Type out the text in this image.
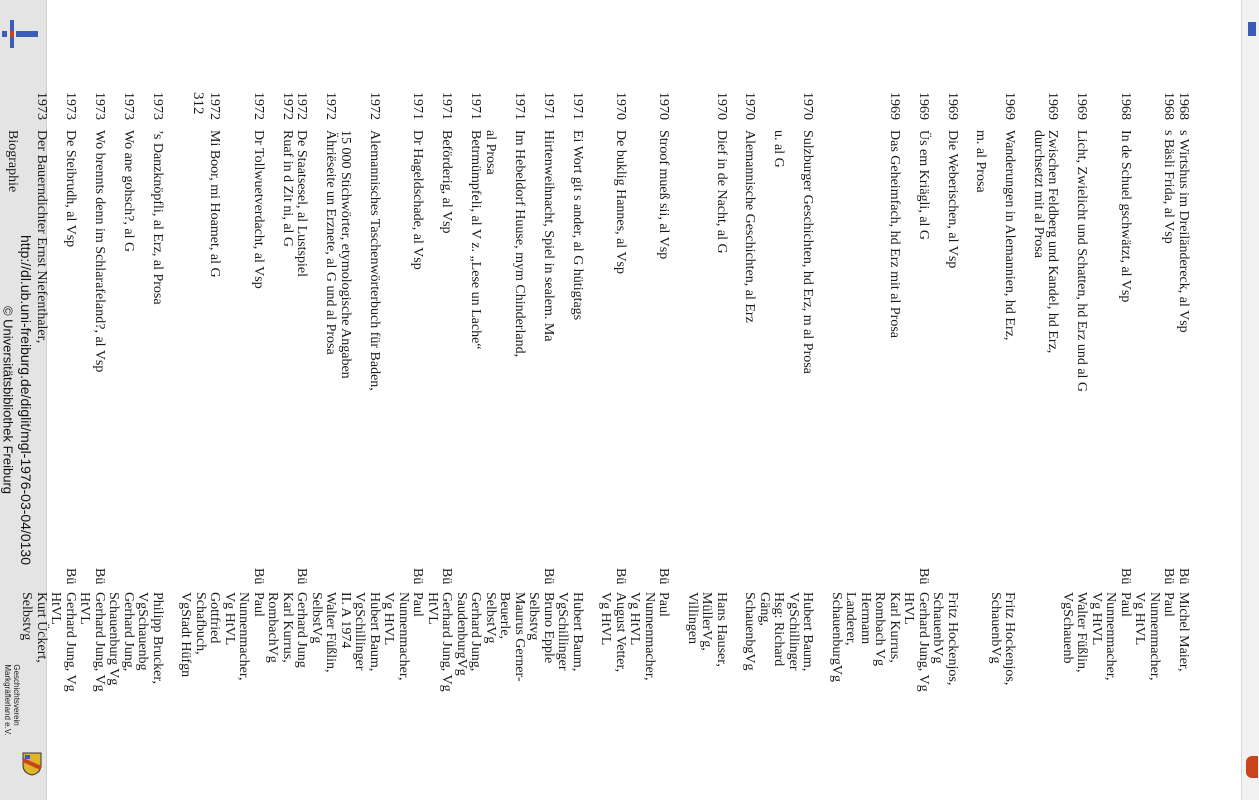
http://dl.ub.uni-freiburg.de/diglit/mgl-1976-03-04/0130
© Universitätsbibliothek Freiburg
Geschichtsverein
Markgräflerland e.V.
1968
s Wirtshus im Dreiländereck, al Vsp
Bü
Michel Maier,
1968
s Bäsli Frida, al Vsp
Bü
Paul Nunnenmacher, Vg HtVL
1968
In de Schuel gschwätzt, al Vsp
Bü
Paul Nunnenmacher, Vg HtVL
1969
Licht, Zwielicht und Schatten, hd Erz und al G
Walter Füßlin, VgSchauenb
1969
Zwischen Feldberg und Kandel, hd Erz,
durchsetzt mit al Prosa
1969
Wanderungen in Alemannien, hd Erz,
Fritz Hockenjos, SchauenbVg
m. al Prosa
1969
Die Weberischen, al Vsp
Fritz Hockenjos, SchauenbVg
1969
Üs em Kriägli, al G
Bü
Gerhard Jung, Vg HtVL
1969
Das Geheimfach, hd Erz mit al Prosa
Karl Kurrus, Rombach Vg
Hermann Landerer,
SchauenburgVg
1970
Sulzburger Geschichten, hd Erz, m al Prosa
Hubert Baum, VgSchillinger
u. al G
Hsg: Richard Gäng,
1970
Alemannische Geschichten, al Erz
SchauenbgVg
1970
Dief in de Nacht, al G
Hans Hauser, MüllerVg,
Villingen
1970
Stroof mueß sii, al Vsp
Bü
Paul Nunnenmacher, Vg HtVL
1970
De buklig Hannes, al Vsp
Bü
August Vetter, Vg HtVL
1971
Ei Wort git s ander, al G hütigtags
Hubert Baum, VgSchillinger
1971
Hirtenweihnacht, Spiel in sealem. Ma
Bü
Bruno Epple Selbstvg
1971
Im Hebeldorf Huuse, mym Chinderland,
Maurus Gerner-Beuerle,
al Prosa
SelbstVg
1971
Betrmümpfeli, al V z. „Lese un Lache“
Gerhard Jung, SaudenburgVg
1971
Beförderig, al Vsp
Bü
Gerhard Jung, Vg HtVL
1971
Dr Hageldschade, al Vsp
Bü
Paul Nunnenmacher, Vg HtVL
1972
Alemannisches Taschenwörterbuch für Baden,
Hubert Baum, VgSchillinger
15 000 Stichwörter, etymologische Angaben
II. A 1974
1972
Ähriëseite un Erznete, al G und al Prosa
Walter Füßlin, SelbstVg
1972
De Staatsesel, al Lustspiel
Bü
Gerhard Jung
1972
Ruaf in d Zit ni, al G
Karl Kurrus, RombachVg
1972
Dr Tollwuetverdacht, al Vsp
Bü
Paul Nunnenmacher, Vg HtVL
1972
Mi Boor, mi Hoamet, al G
Gottfried Schafbuch,
VgStadt Hüfgn
1973
’s Danzknöpfli, al Erz, al Prosa
Philipp Brucker, VgSchauenbg
1973
Wo ane gohsch?, al G
Gerhard Jung, Schauenburg Vg
1973
Wo brennts denn im Schlarafeland?, al Vsp
Bü
Gerhard Jung, Vg HtVL
1973
De Steibrudh, al Vsp
Bü
Gerhard Jung, Vg HtVL
1973
Der Bauerndichter Ernst Niefenthaler,
Kurt Ückert, Selbstvg
Biographie
312
